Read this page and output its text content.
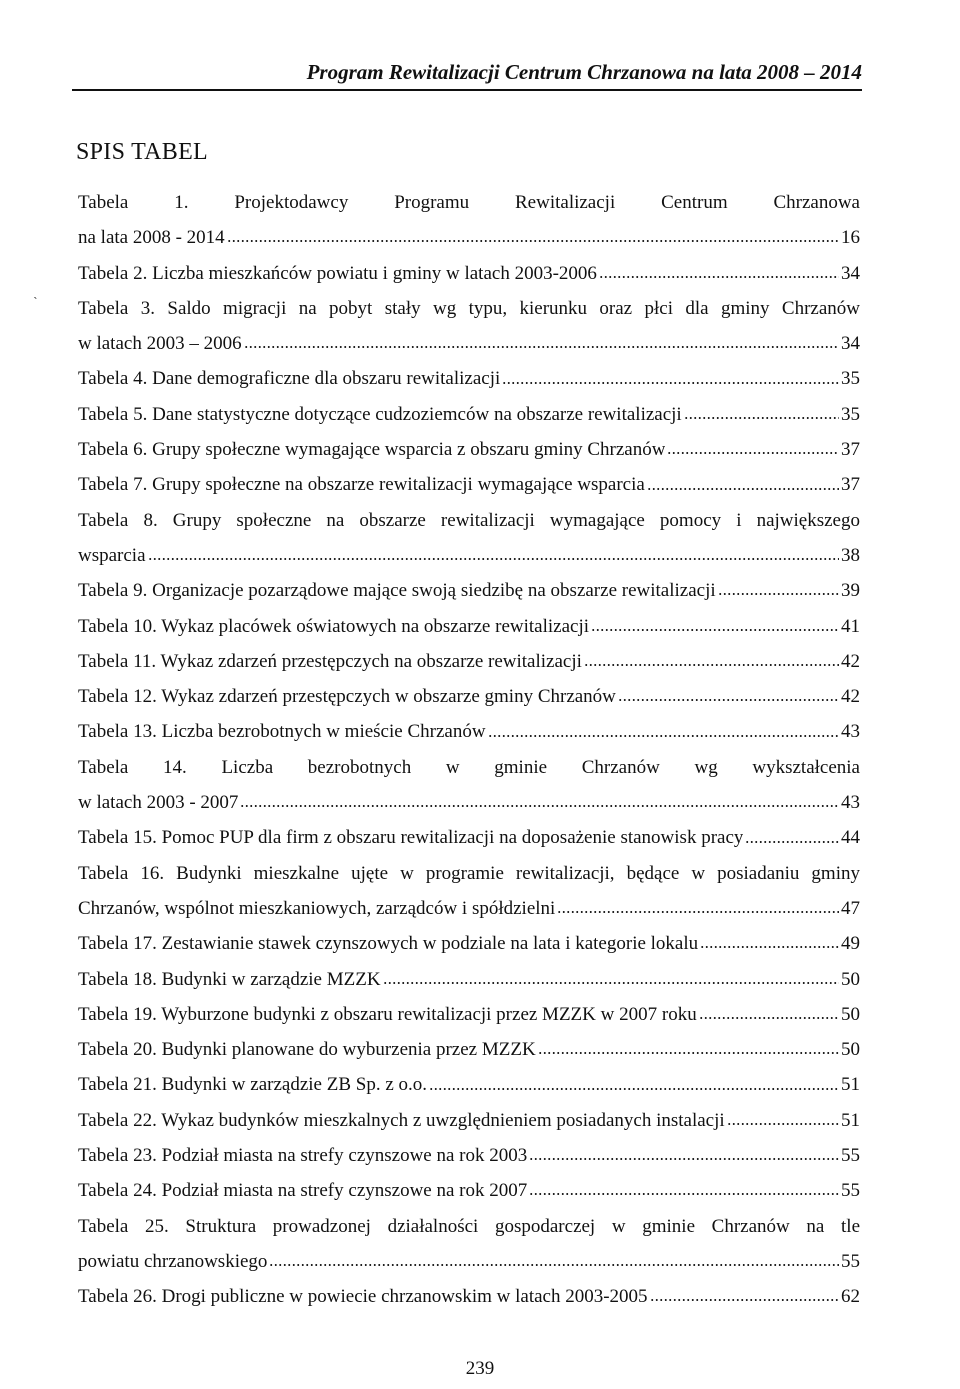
Program Rewitalizacji Centrum Chrzanowa na lata 2008 – 2014
˴
SPIS TABEL
Tabela 1. Projektodawcy Programu Rewitalizacji Centrum Chrzanowa
na lata 2008 - 2014	16
Tabela 2. Liczba mieszkańców powiatu i gminy w latach 2003-2006	34
Tabela 3. Saldo migracji na pobyt stały wg typu, kierunku oraz płci dla gminy Chrzanów
w latach 2003 – 2006	34
Tabela 4. Dane demograficzne dla obszaru rewitalizacji	35
Tabela 5. Dane statystyczne dotyczące cudzoziemców na obszarze rewitalizacji	35
Tabela 6. Grupy społeczne wymagające wsparcia z obszaru gminy Chrzanów	37
Tabela 7. Grupy społeczne na obszarze rewitalizacji wymagające wsparcia	37
Tabela 8. Grupy społeczne na obszarze rewitalizacji wymagające pomocy i największego
wsparcia	38
Tabela 9. Organizacje pozarządowe mające swoją siedzibę na obszarze rewitalizacji	39
Tabela 10. Wykaz placówek oświatowych na obszarze rewitalizacji	41
Tabela 11. Wykaz zdarzeń przestępczych na obszarze rewitalizacji	42
Tabela 12. Wykaz zdarzeń przestępczych w obszarze gminy Chrzanów	42
Tabela 13. Liczba bezrobotnych w mieście Chrzanów	43
Tabela 14. Liczba bezrobotnych w gminie Chrzanów wg wykształcenia
w latach 2003 - 2007	43
Tabela 15. Pomoc PUP dla firm z obszaru rewitalizacji na doposażenie stanowisk pracy	44
Tabela 16. Budynki mieszkalne ujęte w programie rewitalizacji, będące w posiadaniu gminy
Chrzanów, wspólnot mieszkaniowych, zarządców i spółdzielni	47
Tabela 17. Zestawianie stawek czynszowych w podziale na lata i kategorie lokalu	49
Tabela 18. Budynki w zarządzie MZZK	50
Tabela 19. Wyburzone budynki z obszaru rewitalizacji przez MZZK w 2007 roku	50
Tabela 20. Budynki planowane do wyburzenia przez MZZK	50
Tabela 21. Budynki w zarządzie ZB Sp. z o.o.	51
Tabela 22. Wykaz budynków mieszkalnych z uwzględnieniem posiadanych instalacji	51
Tabela 23. Podział miasta na strefy czynszowe na rok 2003	55
Tabela 24. Podział miasta na strefy czynszowe na rok 2007	55
Tabela 25. Struktura prowadzonej działalności gospodarczej w gminie Chrzanów na tle
powiatu chrzanowskiego	55
Tabela 26. Drogi publiczne w powiecie chrzanowskim w latach 2003-2005	62
239
